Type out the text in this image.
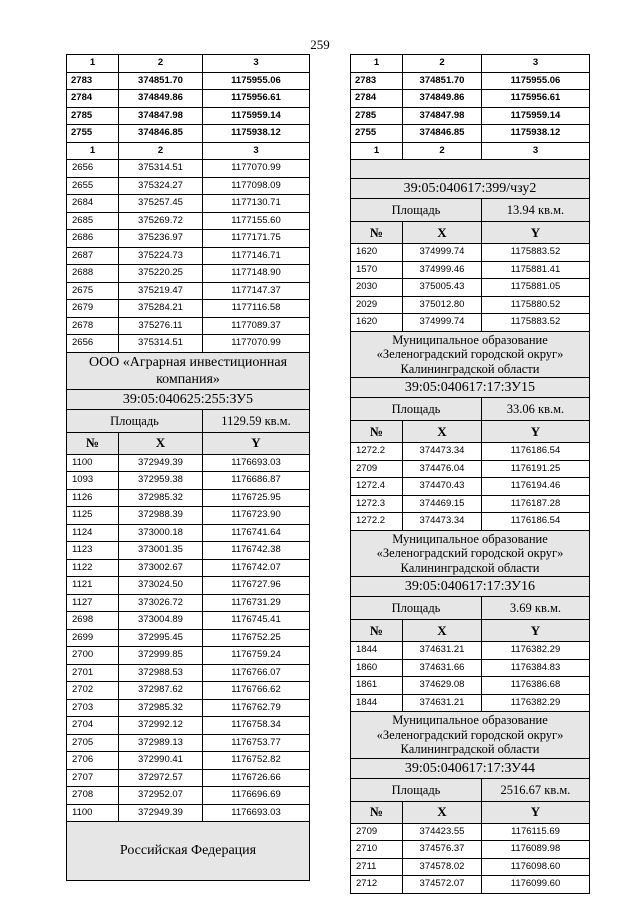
259
1	2	3
2783	374851.70	1175955.06
2784	374849.86	1175956.61
2785	374847.98	1175959.14
2755	374846.85	1175938.12
1	2	3
2656	375314.51	1177070.99
2655	375324.27	1177098.09
2684	375257.45	1177130.71
2685	375269.72	1177155.60
2686	375236.97	1177171.75
2687	375224.73	1177146.71
2688	375220.25	1177148.90
2675	375219.47	1177147.37
2679	375284.21	1177116.58
2678	375276.11	1177089.37
2656	375314.51	1177070.99
ООО «Аграрная инвестиционная компания»		
39:05:040625:255:ЗУ5		
Площадь		1129.59 кв.м.
№	X	Y
1100	372949.39	1176693.03
1093	372959.38	1176686.87
1126	372985.32	1176725.95
1125	372988.39	1176723.90
1124	373000.18	1176741.64
1123	373001.35	1176742.38
1122	373002.67	1176742.07
1121	373024.50	1176727.96
1127	373026.72	1176731.29
2698	373004.89	1176745.41
2699	372995.45	1176752.25
2700	372999.85	1176759.24
2701	372988.53	1176766.07
2702	372987.62	1176766.62
2703	372985.32	1176762.79
2704	372992.12	1176758.34
2705	372989.13	1176753.77
2706	372990.41	1176752.82
2707	372972.57	1176726.66
2708	372952.07	1176696.69
1100	372949.39	1176693.03
Российская Федерация		
1	2	3
2783	374851.70	1175955.06
2784	374849.86	1175956.61
2785	374847.98	1175959.14
2755	374846.85	1175938.12
1	2	3

39:05:040617:399/чзу2		
Площадь		13.94 кв.м.
№	X	Y
1620	374999.74	1175883.52
1570	374999.46	1175881.41
2030	375005.43	1175881.05
2029	375012.80	1175880.52
1620	374999.74	1175883.52
Муниципальное образование «Зеленоградский городской округ» Калининградской области		
39:05:040617:17:ЗУ15		
Площадь		33.06 кв.м.
№	X	Y
1272.2	374473.34	1176186.54
2709	374476.04	1176191.25
1272.4	374470.43	1176194.46
1272.3	374469.15	1176187.28
1272.2	374473.34	1176186.54
Муниципальное образование «Зеленоградский городской округ» Калининградской области		
39:05:040617:17:ЗУ16		
Площадь		3.69 кв.м.
№	X	Y
1844	374631.21	1176382.29
1860	374631.66	1176384.83
1861	374629.08	1176386.68
1844	374631.21	1176382.29
Муниципальное образование «Зеленоградский городской округ» Калининградской области		
39:05:040617:17:ЗУ44		
Площадь		2516.67 кв.м.
№	X	Y
2709	374423.55	1176115.69
2710	374576.37	1176089.98
2711	374578.02	1176098.60
2712	374572.07	1176099.60
